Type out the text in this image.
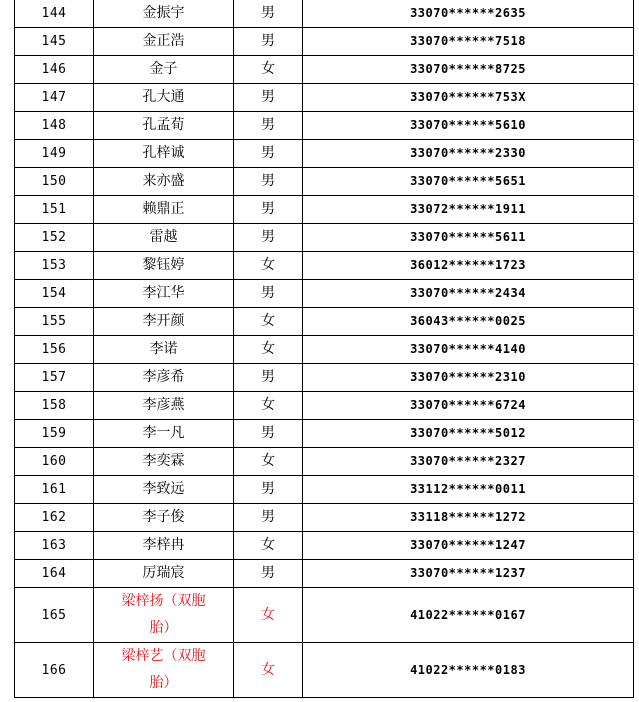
144	金振宇	男	33070******2635
145	金正浩	男	33070******7518
146	金子	女	33070******8725
147	孔大通	男	33070******753X
148	孔孟荀	男	33070******5610
149	孔梓诚	男	33070******2330
150	来亦盛	男	33070******5651
151	赖鼎正	男	33072******1911
152	雷越	男	33070******5611
153	黎钰婷	女	36012******1723
154	李江华	男	33070******2434
155	李开颜	女	36043******0025
156	李诺	女	33070******4140
157	李彦希	男	33070******2310
158	李彦燕	女	33070******6724
159	李一凡	男	33070******5012
160	李奕霖	女	33070******2327
161	李致远	男	33112******0011
162	李子俊	男	33118******1272
163	李梓冉	女	33070******1247
164	厉瑞宸	男	33070******1237
165	梁梓扬（双胞胎）	女	41022******0167
166	梁梓艺（双胞胎）	女	41022******0183
